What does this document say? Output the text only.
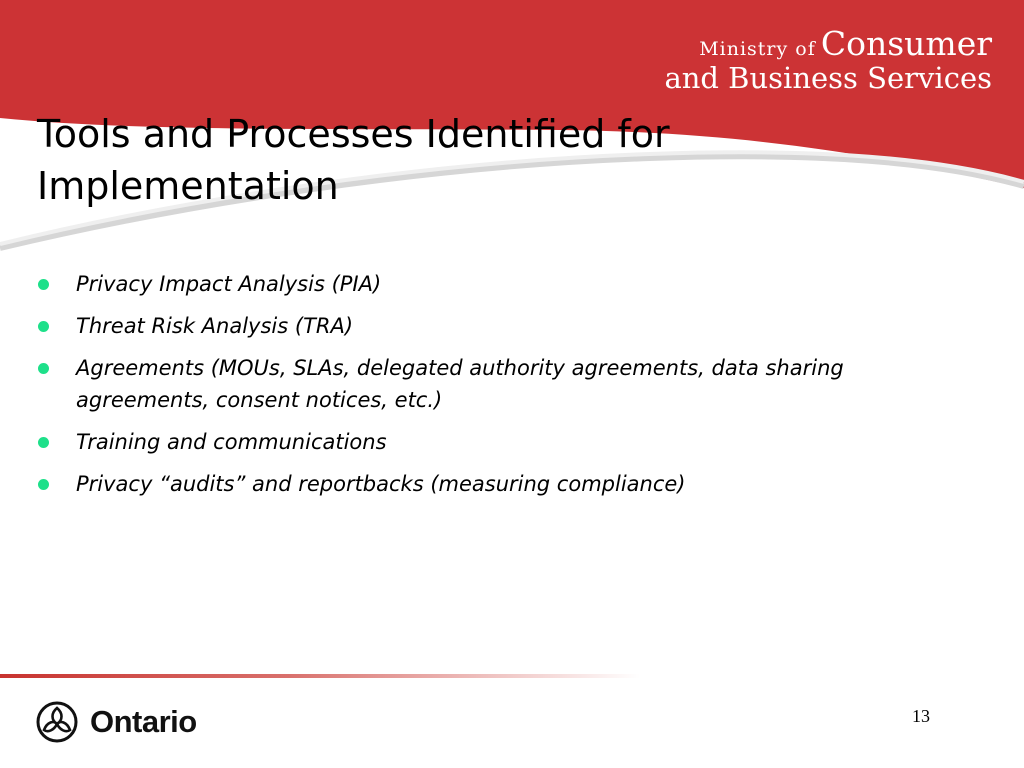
Ministry of Consumer
and Business Services
Tools and Processes Identified for Implementation
Privacy Impact Analysis (PIA)
Threat Risk Analysis (TRA)
Agreements (MOUs, SLAs, delegated authority agreements, data sharing agreements, consent notices, etc.)
Training and communications
Privacy “audits” and reportbacks (measuring compliance)
Ontario	13
